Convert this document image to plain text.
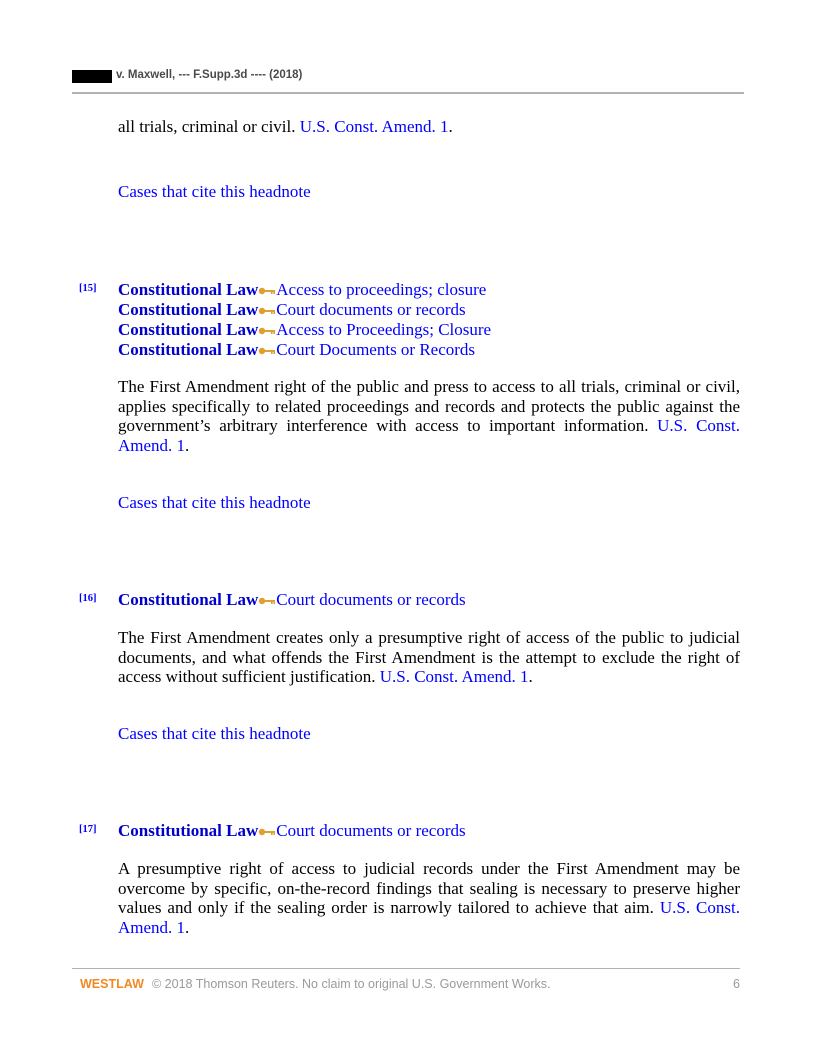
v. Maxwell, --- F.Supp.3d ---- (2018)
all trials, criminal or civil. U.S. Const. Amend. 1.
Cases that cite this headnote
[15] Constitutional Law Access to proceedings; closure
Constitutional Law Court documents or records
Constitutional Law Access to Proceedings; Closure
Constitutional Law Court Documents or Records
The First Amendment right of the public and press to access to all trials, criminal or civil, applies specifically to related proceedings and records and protects the public against the government’s arbitrary interference with access to important information. U.S. Const. Amend. 1.
Cases that cite this headnote
[16] Constitutional Law Court documents or records
The First Amendment creates only a presumptive right of access of the public to judicial documents, and what offends the First Amendment is the attempt to exclude the right of access without sufficient justification. U.S. Const. Amend. 1.
Cases that cite this headnote
[17] Constitutional Law Court documents or records
A presumptive right of access to judicial records under the First Amendment may be overcome by specific, on-the-record findings that sealing is necessary to preserve higher values and only if the sealing order is narrowly tailored to achieve that aim. U.S. Const. Amend. 1.
WESTLAW © 2018 Thomson Reuters. No claim to original U.S. Government Works.	6
